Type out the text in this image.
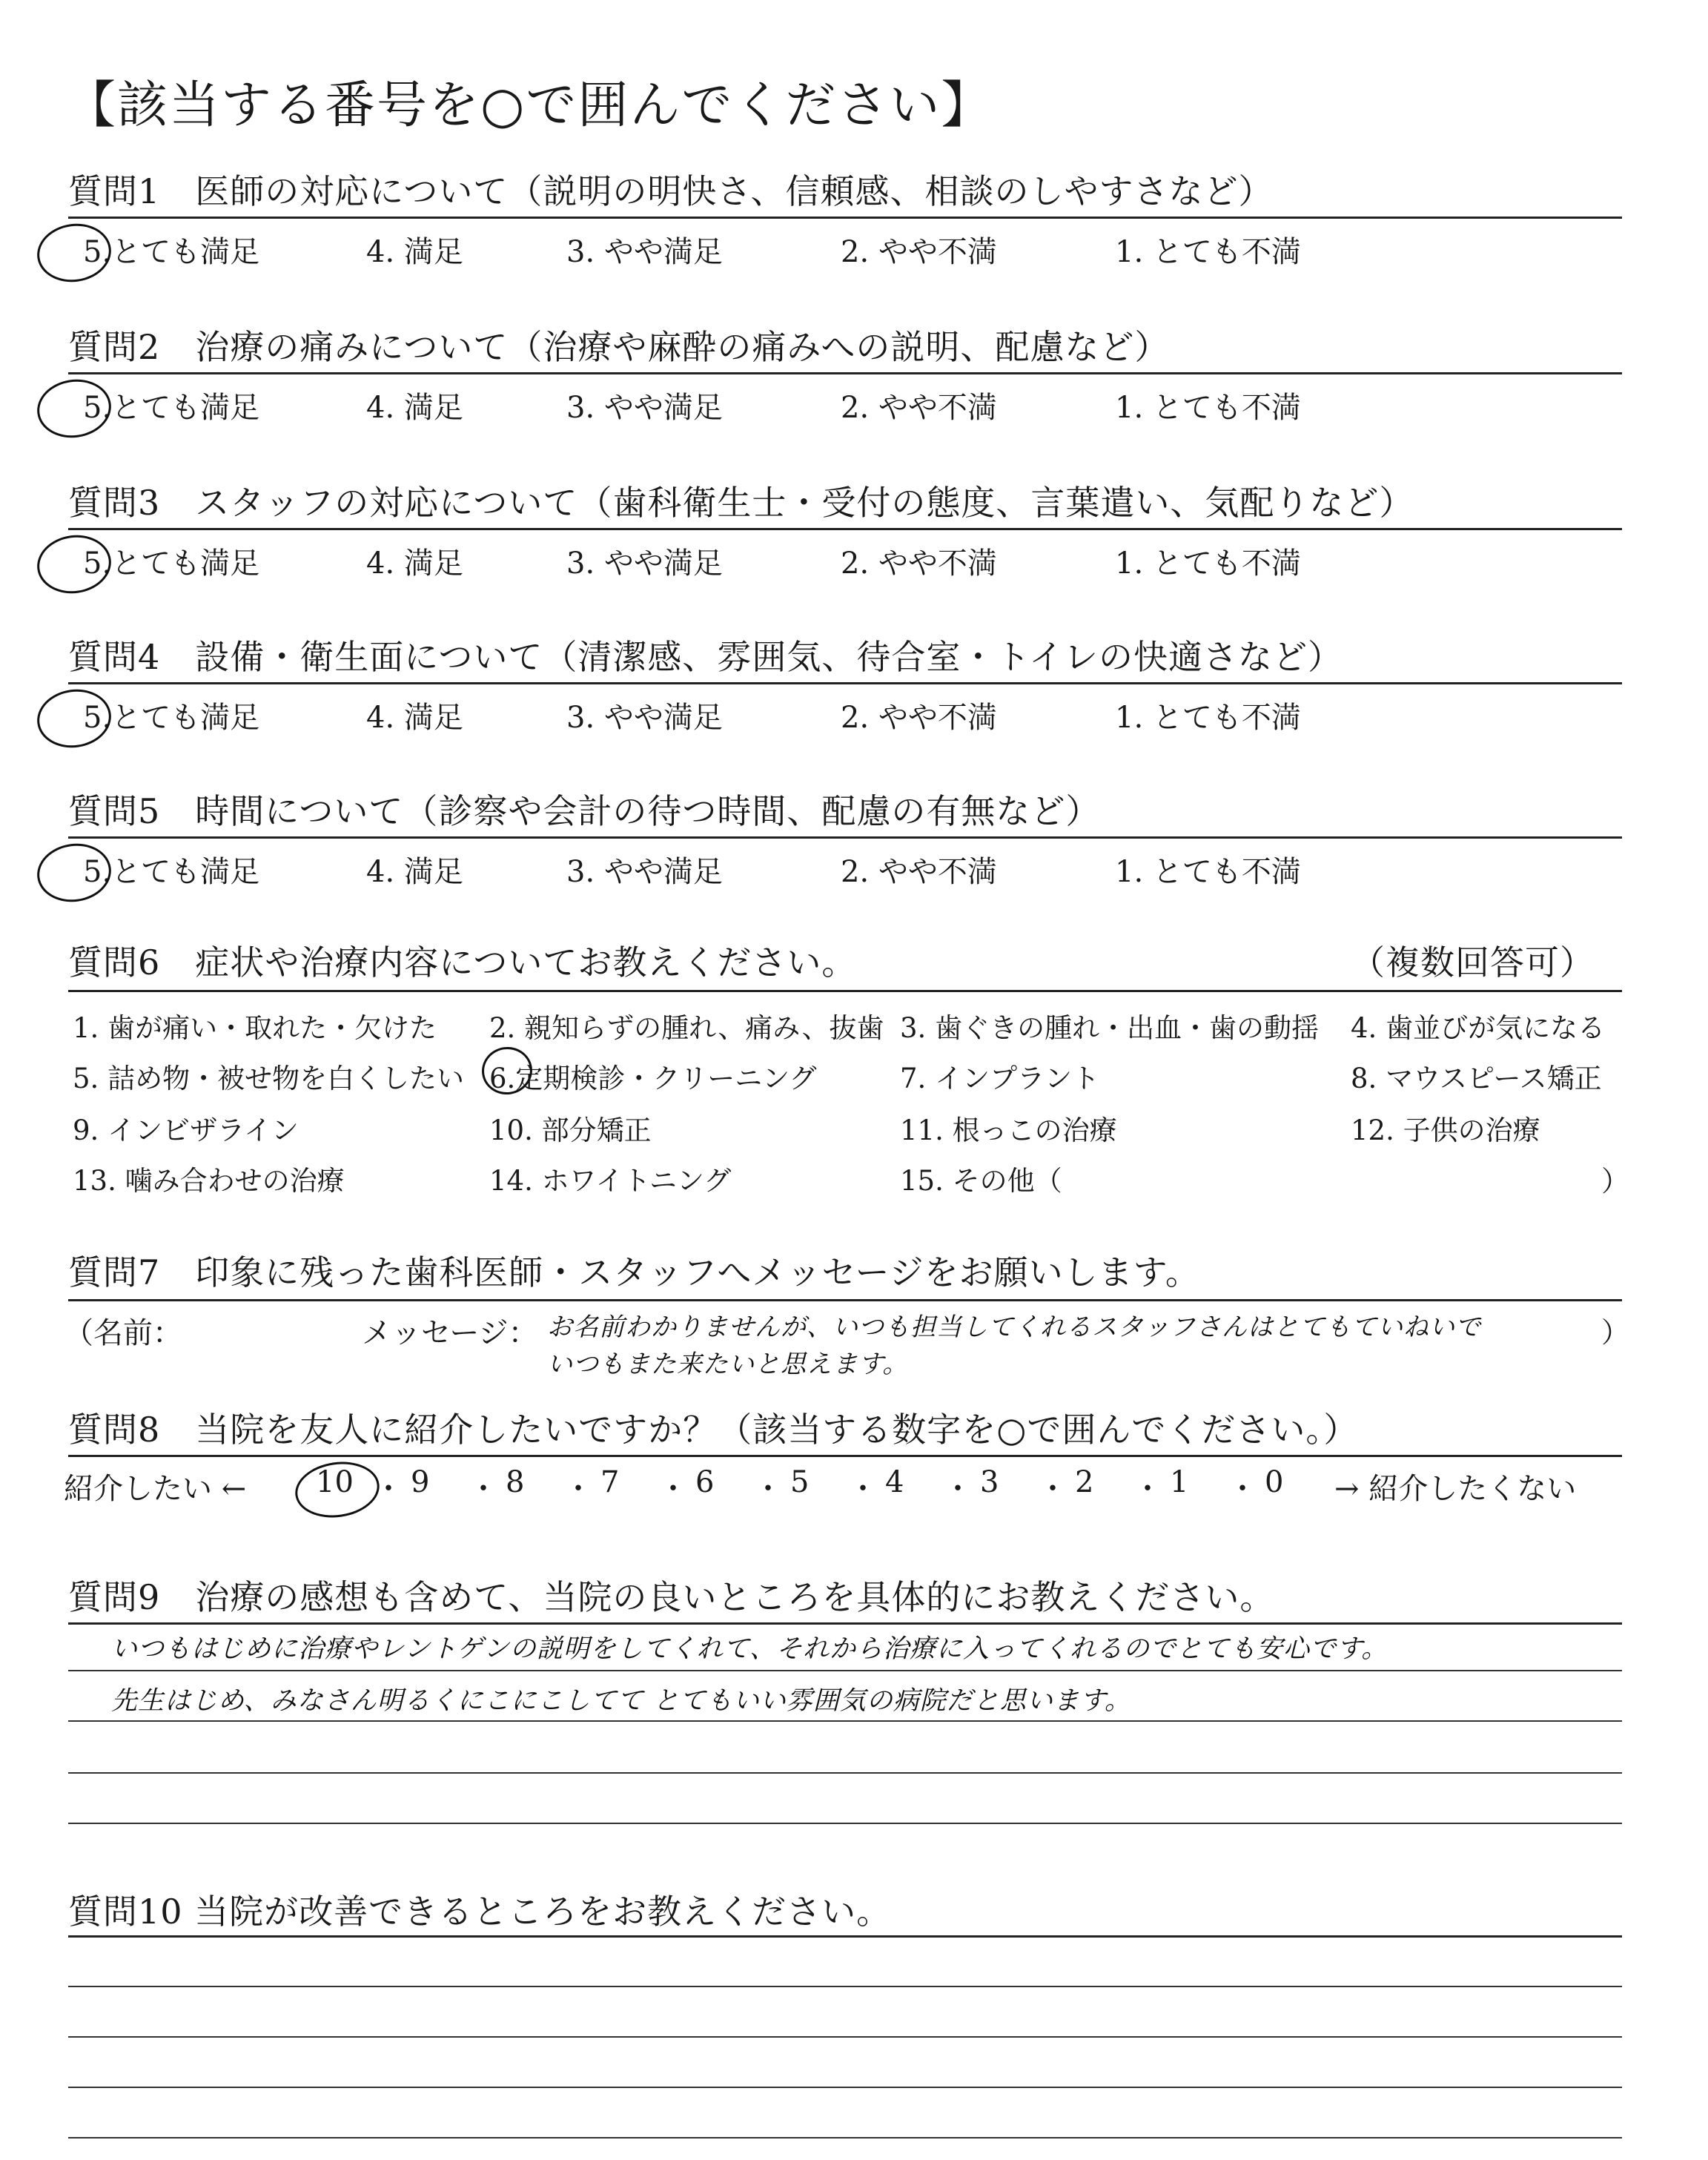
【該当する番号を○で囲んでください】
質問1　医師の対応について（説明の明快さ、信頼感、相談のしやすさなど）
5.とても満足	4. 満足	3. やや満足	2. やや不満	1. とても不満
質問2　治療の痛みについて（治療や麻酔の痛みへの説明、配慮など）
5.とても満足	4. 満足	3. やや満足	2. やや不満	1. とても不満
質問3　スタッフの対応について（歯科衛生士・受付の態度、言葉遣い、気配りなど）
5.とても満足	4. 満足	3. やや満足	2. やや不満	1. とても不満
質問4　設備・衛生面について（清潔感、雰囲気、待合室・トイレの快適さなど）
5.とても満足	4. 満足	3. やや満足	2. やや不満	1. とても不満
質問5　時間について（診察や会計の待つ時間、配慮の有無など）
5.とても満足	4. 満足	3. やや満足	2. やや不満	1. とても不満
質問6　症状や治療内容についてお教えください。	（複数回答可）
1. 歯が痛い・取れた・欠けた 2. 親知らずの腫れ、痛み、抜歯 3. 歯ぐきの腫れ・出血・歯の動揺 4. 歯並びが気になる
5. 詰め物・被せ物を白くしたい 6.定期検診・クリーニング	7. インプラント	8. マウスピース矯正
9. インビザライン	10. 部分矯正	11. 根っこの治療	12. 子供の治療
13. 噛み合わせの治療	14. ホワイトニング	15. その他（	）
質問7　印象に残った歯科医師・スタッフへメッセージをお願いします。
（名前：	メッセージ： お名前わかりませんが、いつも担当してくれるスタッフさんはとてもていねいで
いつもまた来たいと思えます。
）
質問8　当院を友人に紹介したいですか？（該当する数字を○で囲んでください。）
紹介したい ← 10 ・ 9 ・ 8 ・ 7 ・ 6 ・ 5 ・ 4 ・ 3 ・ 2 ・ 1 ・ 0 → 紹介したくない
質問9　治療の感想も含めて、当院の良いところを具体的にお教えください。
いつもはじめに治療やレントゲンの説明をしてくれて、それから治療に入ってくれるのでとても安心です。
先生はじめ、みなさん明るくにこにこしてて とてもいい雰囲気の病院だと思います。
質問10 当院が改善できるところをお教えください。
